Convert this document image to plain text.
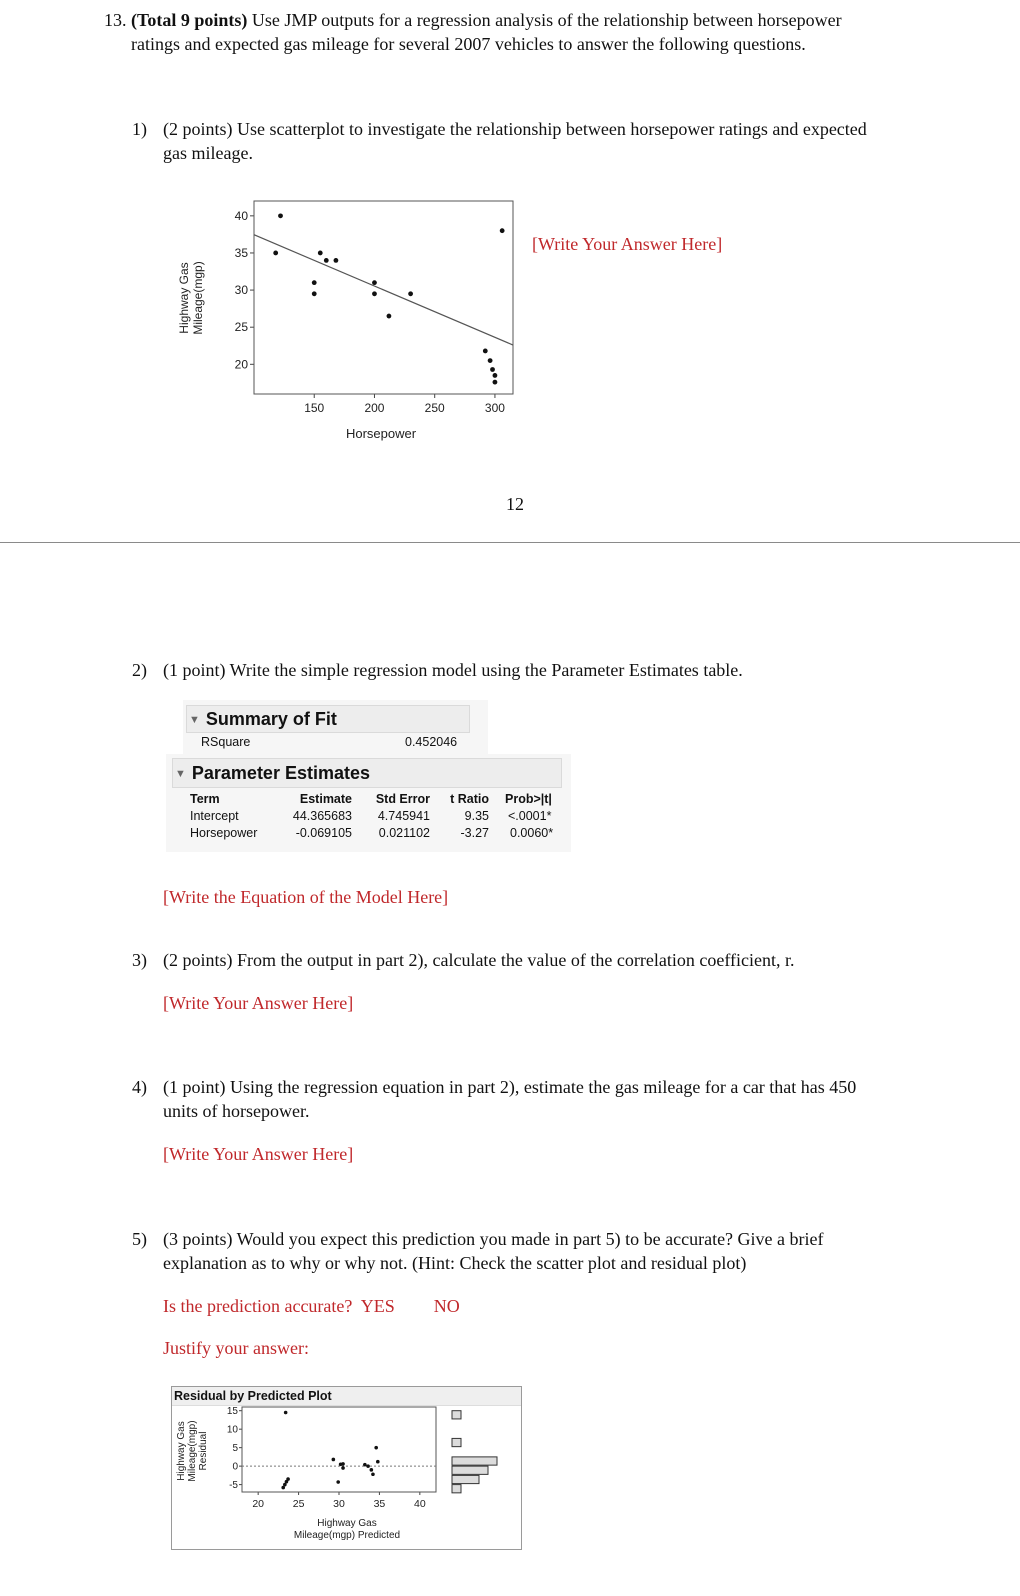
13. (Total 9 points) Use JMP outputs for a regression analysis of the relationship between horsepower
ratings and expected gas mileage for several 2007 vehicles to answer the following questions.
1) (2 points) Use scatterplot to investigate the relationship between horsepower ratings and expected
gas mileage.
[Write Your Answer Here]
Highway Gas Mileage(mgp)
20
25
30
35
40
150	200	250	300
Horsepower
12
2) (1 point) Write the simple regression model using the Parameter Estimates table.
▼ Summary of Fit
RSquare	0.452046
▼ Parameter Estimates
Term	Estimate	Std Error	t Ratio Prob>|t|
Intercept	44.365683	4.745941	9.35 <.0001*
Horsepower	-0.069105	0.021102	-3.27 0.0060*
[Write the Equation of the Model Here]
3) (2 points) From the output in part 2), calculate the value of the correlation coefficient, r.
[Write Your Answer Here]
4) (1 point) Using the regression equation in part 2), estimate the gas mileage for a car that has 450
units of horsepower.
[Write Your Answer Here]
5) (3 points) Would you expect this prediction you made in part 5) to be accurate? Give a brief
explanation as to why or why not. (Hint: Check the scatter plot and residual plot)
Is the prediction accurate? YES NO
Justify your answer:
Residual by Predicted Plot
Highway Gas Mileage(mgp) Residual
-5
0
5
10
15
20	25	30	35	40
Highway Gas
Mileage(mgp) Predicted
